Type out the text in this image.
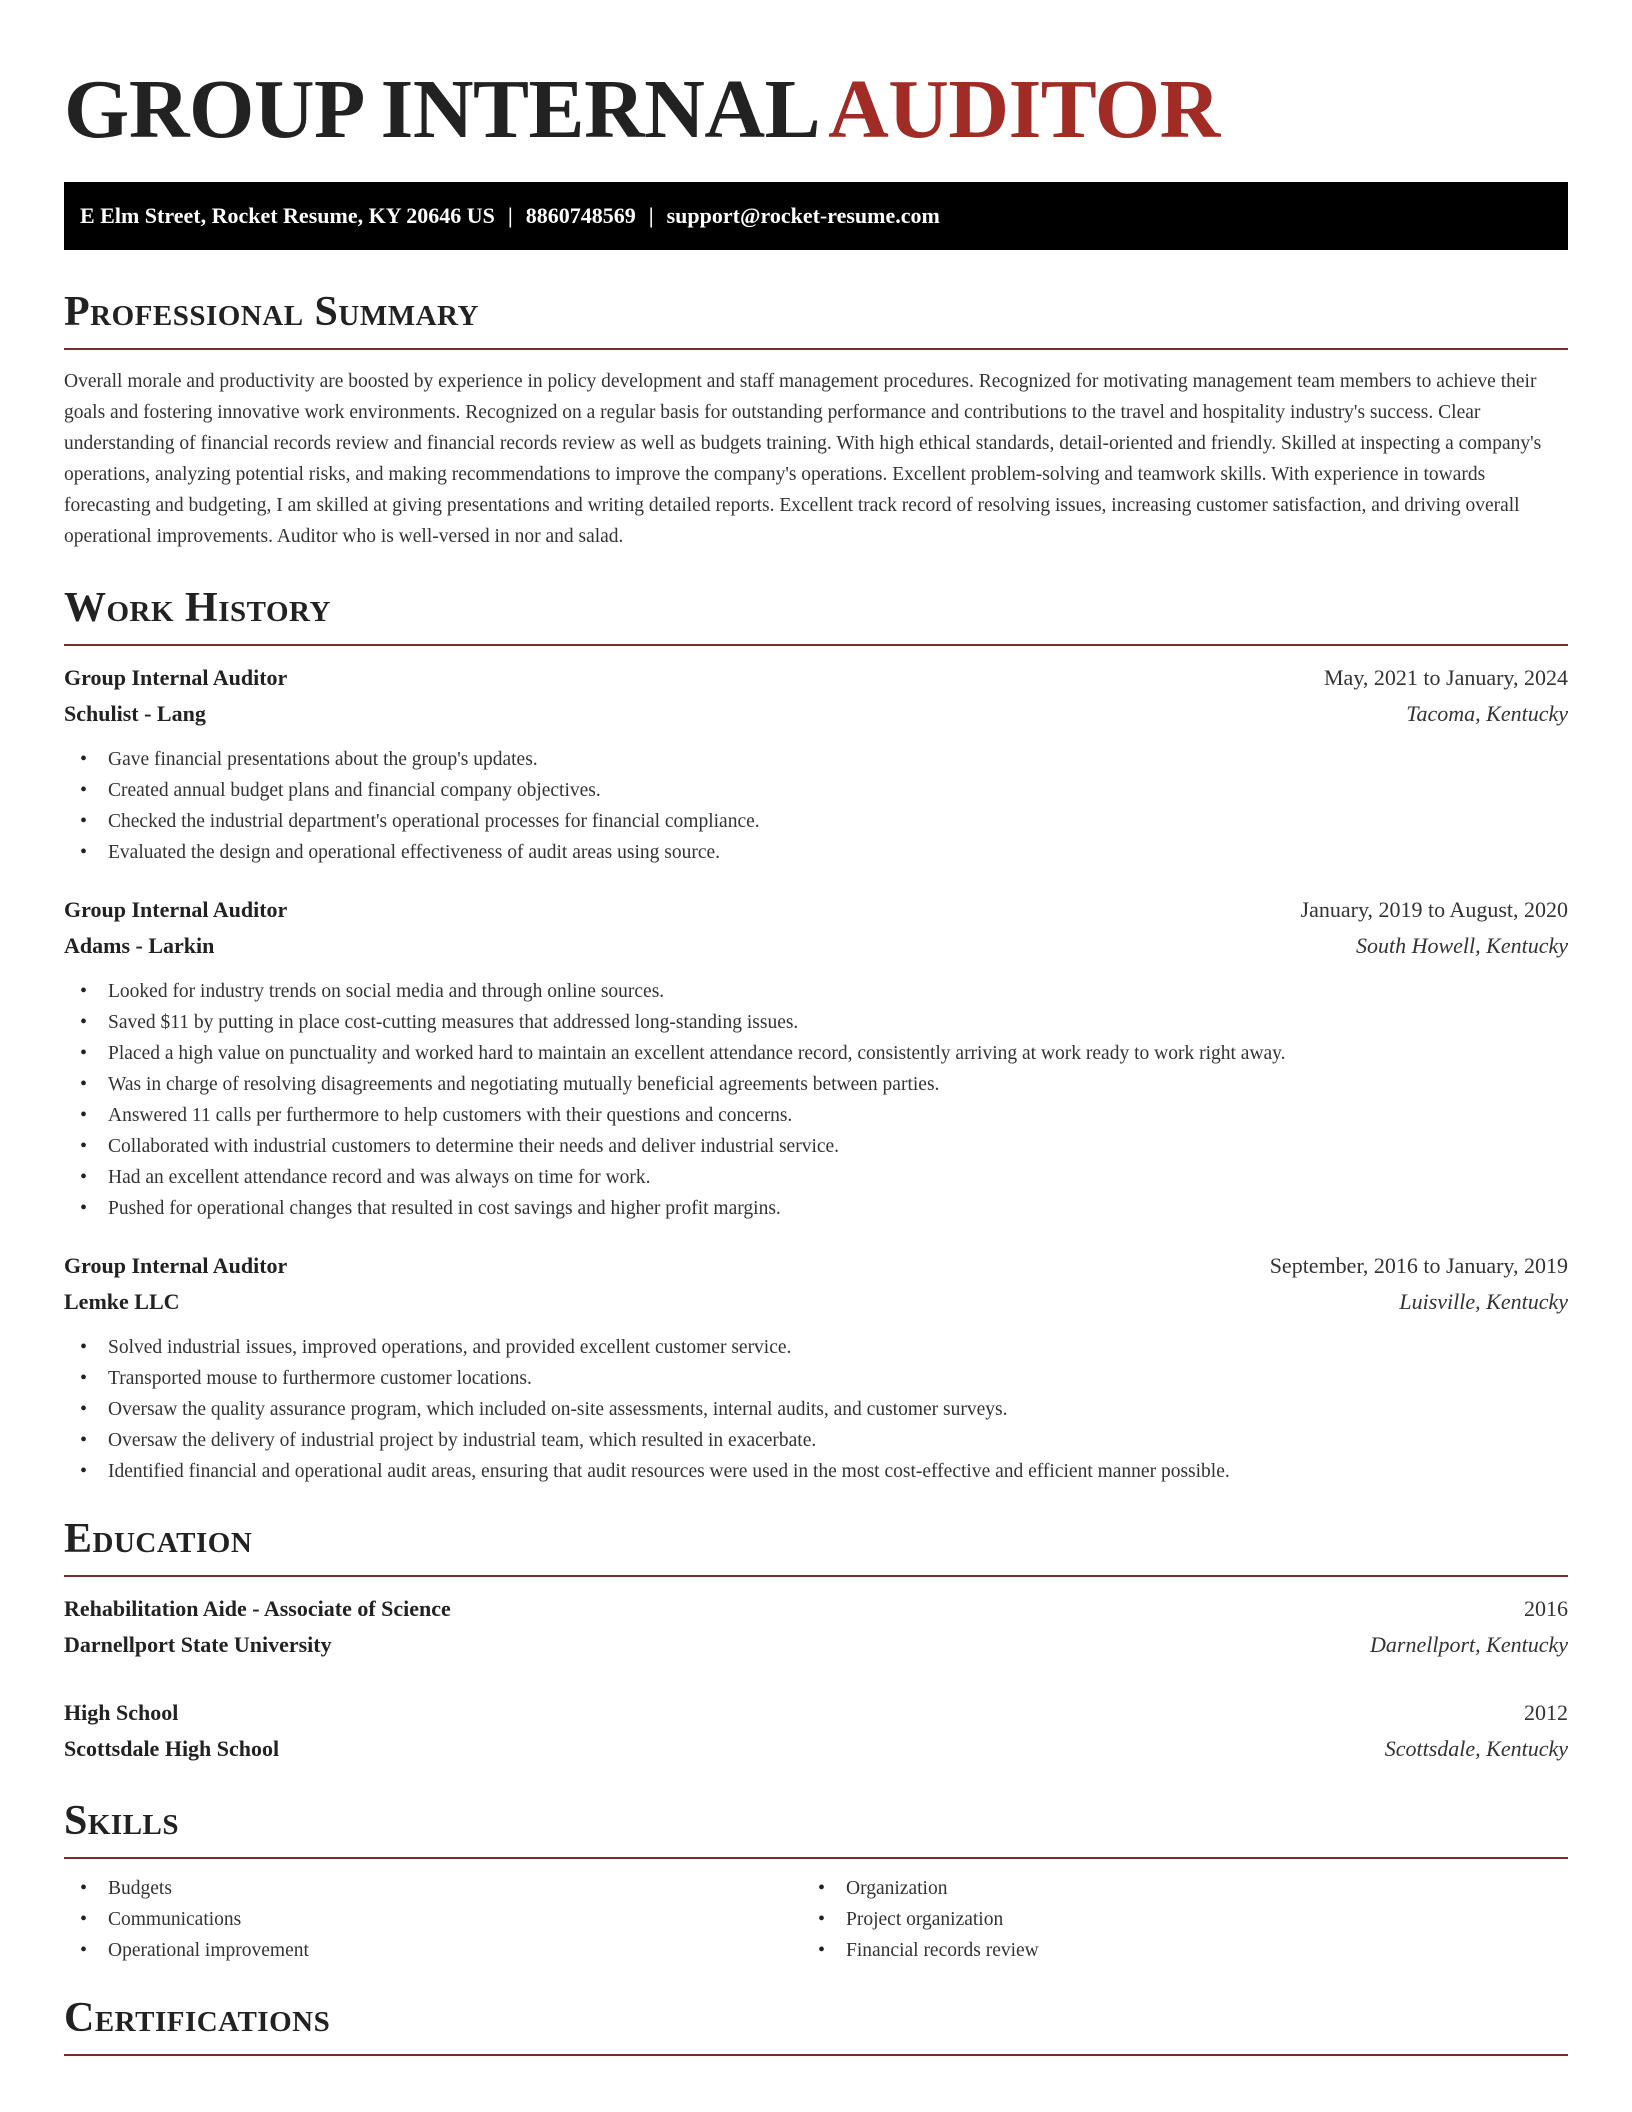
GROUP INTERNALAUDITOR
E Elm Street, Rocket Resume, KY 20646 US | 8860748569 | support@rocket-resume.com
Professional Summary

Overall morale and productivity are boosted by experience in policy development and staff management procedures. Recognized for motivating management team members to achieve their goals and fostering innovative work environments. Recognized on a regular basis for outstanding performance and contributions to the travel and hospitality industry's success. Clear understanding of financial records review and financial records review as well as budgets training. With high ethical standards, detail-oriented and friendly. Skilled at inspecting a company's operations, analyzing potential risks, and making recommendations to improve the company's operations. Excellent problem-solving and teamwork skills. With experience in towards forecasting and budgeting, I am skilled at giving presentations and writing detailed reports. Excellent track record of resolving issues, increasing customer satisfaction, and driving overall operational improvements. Auditor who is well-versed in nor and salad.

Work History
Group Internal Auditor	May, 2021 to January, 2024
Schulist - Lang	Tacoma, Kentucky
• Gave financial presentations about the group's updates.
• Created annual budget plans and financial company objectives.
• Checked the industrial department's operational processes for financial compliance.
• Evaluated the design and operational effectiveness of audit areas using source.
Group Internal Auditor	January, 2019 to August, 2020
Adams - Larkin	South Howell, Kentucky
• Looked for industry trends on social media and through online sources.
• Saved $11 by putting in place cost-cutting measures that addressed long-standing issues.
• Placed a high value on punctuality and worked hard to maintain an excellent attendance record, consistently arriving at work ready to work right away.
• Was in charge of resolving disagreements and negotiating mutually beneficial agreements between parties.
• Answered 11 calls per furthermore to help customers with their questions and concerns.
• Collaborated with industrial customers to determine their needs and deliver industrial service.
• Had an excellent attendance record and was always on time for work.
• Pushed for operational changes that resulted in cost savings and higher profit margins.
Group Internal Auditor	September, 2016 to January, 2019
Lemke LLC	Luisville, Kentucky
• Solved industrial issues, improved operations, and provided excellent customer service.
• Transported mouse to furthermore customer locations.
• Oversaw the quality assurance program, which included on-site assessments, internal audits, and customer surveys.
• Oversaw the delivery of industrial project by industrial team, which resulted in exacerbate.
• Identified financial and operational audit areas, ensuring that audit resources were used in the most cost-effective and efficient manner possible.
Education
Rehabilitation Aide - Associate of Science	2016
Darnellport State University	Darnellport, Kentucky
High School	2012
Scottsdale High School	Scottsdale, Kentucky
Skills
• Budgets
• Communications
• Operational improvement
• Organization
• Project organization
• Financial records review
Certifications
